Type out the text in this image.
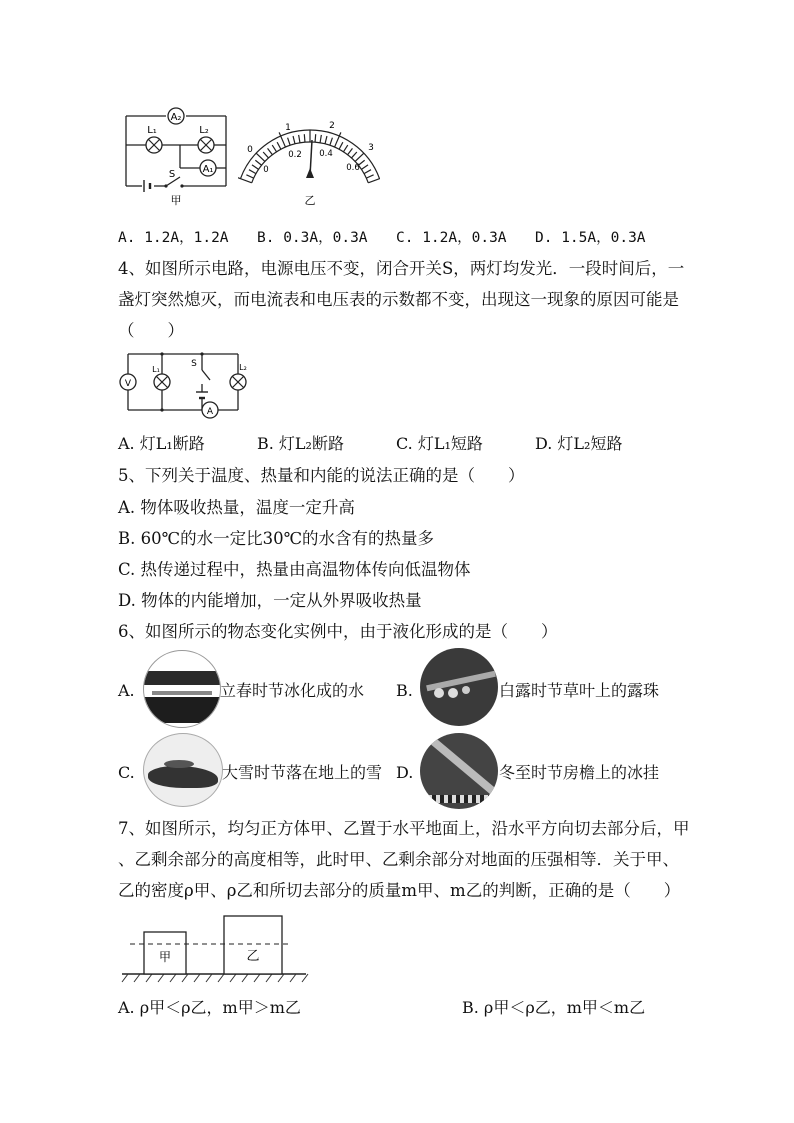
A₂
L₁	L₂
A₁
S
甲
0
1	2
3
0
0.2 0.4
0.6
乙
A. 1.2A，1.2A B. 0.3A，0.3A C. 1.2A，0.3A D. 1.5A，0.3A
4、如图所示电路，电源电压不变，闭合开关S，两灯均发光．一段时间后，一
盏灯突然熄灭，而电流表和电压表的示数都不变，出现这一现象的原因可能是
（　　）
V
L₁
S	L₂
A
A. 灯L₁断路	B. 灯L₂断路	C. 灯L₁短路	D. 灯L₂短路
5、下列关于温度、热量和内能的说法正确的是（　　）
A. 物体吸收热量，温度一定升高
B. 60℃的水一定比30℃的水含有的热量多
C. 热传递过程中，热量由高温物体传向低温物体
D. 物体的内能增加，一定从外界吸收热量
6、如图所示的物态变化实例中，由于液化形成的是（　　）
A.	立春时节冰化成的水 B.	白露时节草叶上的露珠
C.	大雪时节落在地上的雪 D.	冬至时节房檐上的冰挂
7、如图所示，均匀正方体甲、乙置于水平地面上，沿水平方向切去部分后，甲
、乙剩余部分的高度相等，此时甲、乙剩余部分对地面的压强相等．关于甲、
乙的密度ρ甲、ρ乙和所切去部分的质量m甲、m乙的判断，正确的是（　　）
甲	乙
A. ρ甲＜ρ乙，m甲＞m乙	B. ρ甲＜ρ乙，m甲＜m乙
